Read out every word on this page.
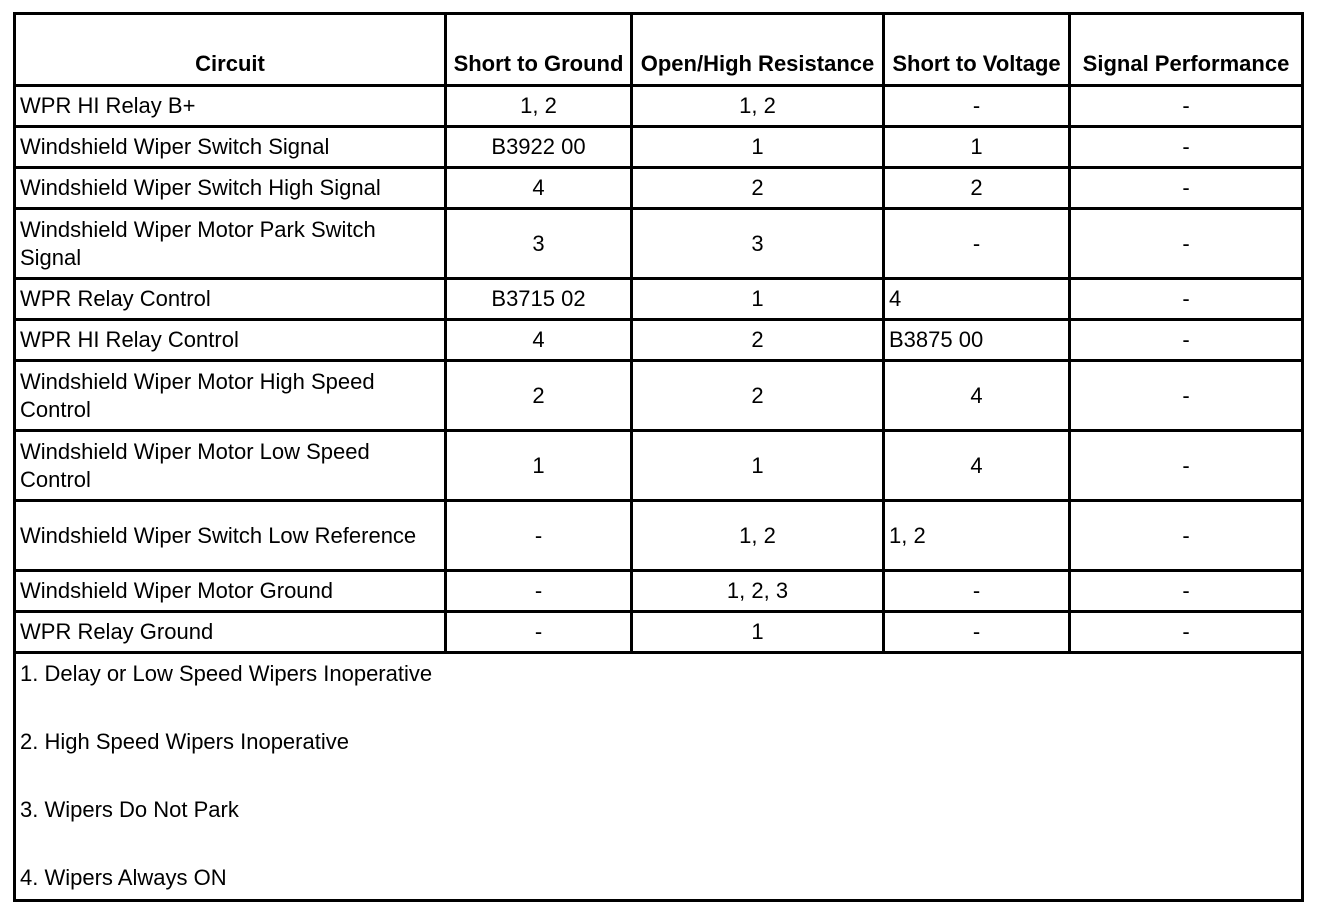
Circuit	Short to Ground	Open/High Resistance	Short to Voltage	Signal Performance
WPR HI Relay B+	1, 2	1, 2	-	-
Windshield Wiper Switch Signal	B3922 00	1	1	-
Windshield Wiper Switch High Signal	4	2	2	-
Windshield Wiper Motor Park Switch Signal	3	3	-	-
WPR Relay Control	B3715 02	1	4	-
WPR HI Relay Control	4	2	B3875 00	-
Windshield Wiper Motor High Speed Control	2	2	4	-
Windshield Wiper Motor Low Speed Control	1	1	4	-
Windshield Wiper Switch Low Reference	-	1, 2	1, 2	-
Windshield Wiper Motor Ground	-	1, 2, 3	-	-
WPR Relay Ground	-	1	-	-

1. Delay or Low Speed Wipers Inoperative
2. High Speed Wipers Inoperative
3. Wipers Do Not Park
4. Wipers Always ON				
